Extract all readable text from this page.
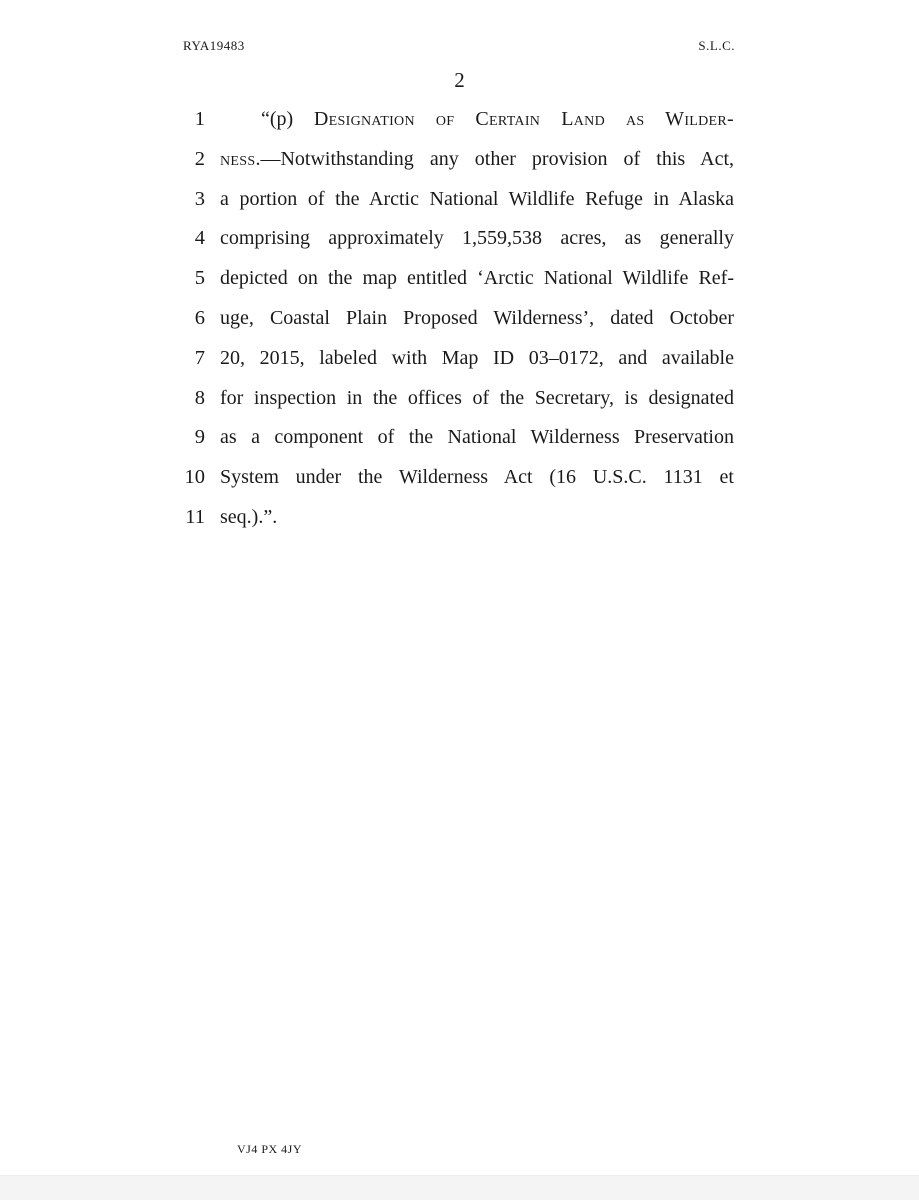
RYA19483	S.L.C.
2
1	“(p) Designation of Certain Land as Wilder-
2 ness.—Notwithstanding any other provision of this Act,
3 a portion of the Arctic National Wildlife Refuge in Alaska
4 comprising approximately 1,559,538 acres, as generally
5 depicted on the map entitled ‘Arctic National Wildlife Ref-
6 uge, Coastal Plain Proposed Wilderness’, dated October
7 20, 2015, labeled with Map ID 03–0172, and available
8 for inspection in the offices of the Secretary, is designated
9 as a component of the National Wilderness Preservation
10 System under the Wilderness Act (16 U.S.C. 1131 et
11 seq.).”.
VJ4 PX 4JY
